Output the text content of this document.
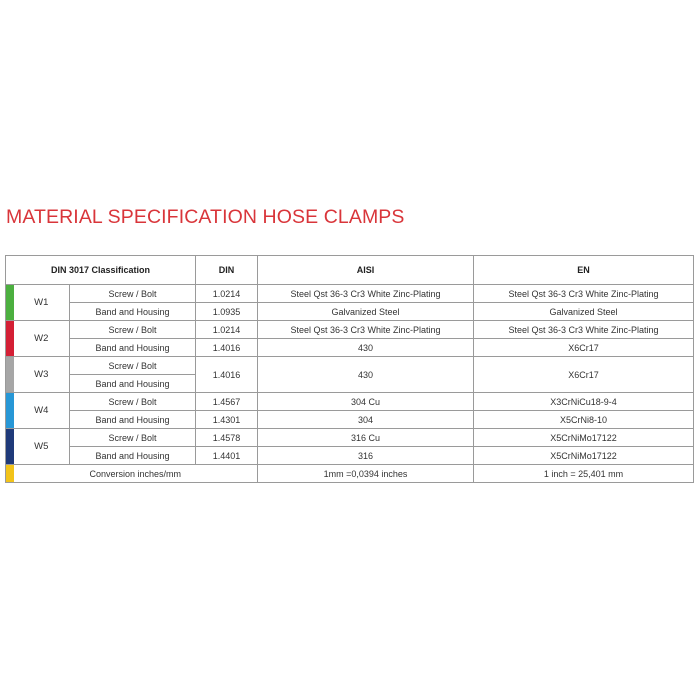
MATERIAL SPECIFICATION HOSE CLAMPS
DIN 3017 Classification			DIN	AISI	EN
	W1	Screw / Bolt	1.0214	Steel Qst 36-3 Cr3 White Zinc-Plating	Steel Qst 36-3 Cr3 White Zinc-Plating
		Band and Housing	1.0935	Galvanized Steel	Galvanized Steel
	W2	Screw / Bolt	1.0214	Steel Qst 36-3 Cr3 White Zinc-Plating	Steel Qst 36-3 Cr3 White Zinc-Plating
		Band and Housing	1.4016	430	X6Cr17
	W3	Screw / Bolt	1.4016	430	X6Cr17
		Band and Housing			
	W4	Screw / Bolt	1.4567	304 Cu	X3CrNiCu18-9-4
		Band and Housing	1.4301	304	X5CrNi8-10
	W5	Screw / Bolt	1.4578	316 Cu	X5CrNiMo17122
		Band and Housing	1.4401	316	X5CrNiMo17122
	Conversion inches/mm			1mm =0,0394 inches	1 inch = 25,401 mm
